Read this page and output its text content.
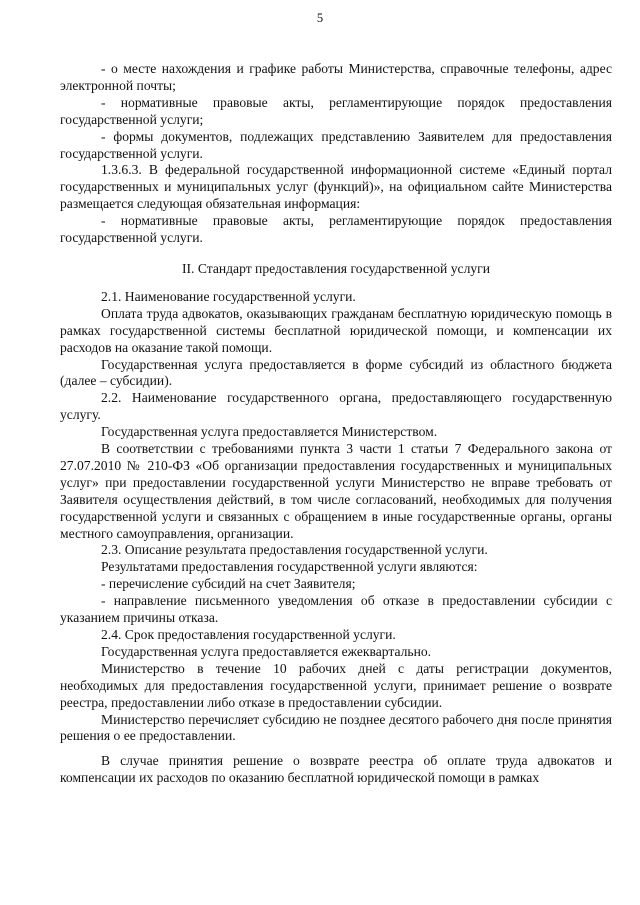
5

- о месте нахождения и графике работы Министерства, справочные телефоны, адрес электронной почты;

- нормативные правовые акты, регламентирующие порядок предоставления государственной услуги;

- формы документов, подлежащих представлению Заявителем для предоставления государственной услуги.

1.3.6.3. В федеральной государственной информационной системе «Единый портал государственных и муниципальных услуг (функций)», на официальном сайте Министерства размещается следующая обязательная информация:

- нормативные правовые акты, регламентирующие порядок предоставления государственной услуги.

II. Стандарт предоставления государственной услуги

2.1. Наименование государственной услуги.

Оплата труда адвокатов, оказывающих гражданам бесплатную юридическую помощь в рамках государственной системы бесплатной юридической помощи, и компенсации их расходов на оказание такой помощи.

Государственная услуга предоставляется в форме субсидий из областного бюджета (далее – субсидии).

2.2. Наименование государственного органа, предоставляющего государственную услугу.

Государственная услуга предоставляется Министерством.

В соответствии с требованиями пункта 3 части 1 статьи 7 Федерального закона от 27.07.2010 № 210-ФЗ «Об организации предоставления государственных и муниципальных услуг» при предоставлении государственной услуги Министерство не вправе требовать от Заявителя осуществления действий, в том числе согласований, необходимых для получения государственной услуги и связанных с обращением в иные государственные органы, органы местного самоуправления, организации.

2.3. Описание результата предоставления государственной услуги.

Результатами предоставления государственной услуги являются:

- перечисление субсидий на счет Заявителя;

- направление письменного уведомления об отказе в предоставлении субсидии с указанием причины отказа.

2.4. Срок предоставления государственной услуги.

Государственная услуга предоставляется ежеквартально.

Министерство в течение 10 рабочих дней с даты регистрации документов, необходимых для предоставления государственной услуги, принимает решение о возврате реестра, предоставлении либо отказе в предоставлении субсидии.

Министерство перечисляет субсидию не позднее десятого рабочего дня после принятия решения о ее предоставлении.

В случае принятия решение о возврате реестра об оплате труда адвокатов и компенсации их расходов по оказанию бесплатной юридической помощи в рамках
